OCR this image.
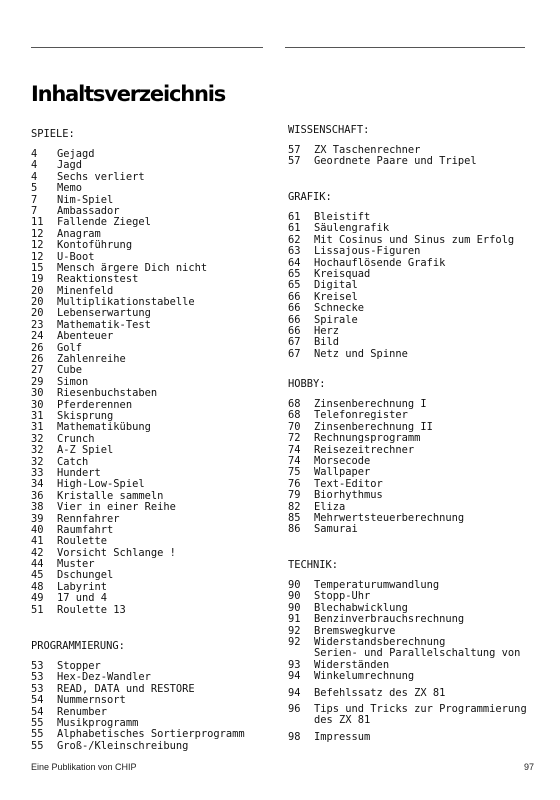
Inhaltsverzeichnis
SPIELE:
4	Gejagd
4	Jagd
4	Sechs verliert
5	Memo
7	Nim-Spiel
7	Ambassador
11	Fallende Ziegel
12	Anagram
12	Kontoführung
12	U-Boot
15	Mensch ärgere Dich nicht
19	Reaktionstest
20	Minenfeld
20	Multiplikationstabelle
20	Lebenserwartung
23	Mathematik-Test
24	Abenteuer
26	Golf
26	Zahlenreihe
27	Cube
29	Simon
30	Riesenbuchstaben
30	Pferderennen
31	Skisprung
31	Mathematikübung
32	Crunch
32	A-Z Spiel
32	Catch
33	Hundert
34	High-Low-Spiel
36	Kristalle sammeln
38	Vier in einer Reihe
39	Rennfahrer
40	Raumfahrt
41	Roulette
42	Vorsicht Schlange !
44	Muster
45	Dschungel
48	Labyrint
49	17 und 4
51	Roulette 13
PROGRAMMIERUNG:
53	Stopper
53	Hex-Dez-Wandler
53	READ, DATA und RESTORE
54	Nummernsort
54	Renumber
55	Musikprogramm
55	Alphabetisches Sortierprogramm
55	Groß-/Kleinschreibung
WISSENSCHAFT:
57	ZX Taschenrechner
57	Geordnete Paare und Tripel
GRAFIK:
61	Bleistift
61	Säulengrafik
62	Mit Cosinus und Sinus zum Erfolg
63	Lissajous-Figuren
64	Hochauflösende Grafik
65	Kreisquad
65	Digital
66	Kreisel
66	Schnecke
66	Spirale
66	Herz
67	Bild
67	Netz und Spinne
HOBBY:
68	Zinsenberechnung I
68	Telefonregister
70	Zinsenberechnung II
72	Rechnungsprogramm
74	Reisezeitrechner
74	Morsecode
75	Wallpaper
76	Text-Editor
79	Biorhythmus
82	Eliza
85	Mehrwertsteuerberechnung
86	Samurai
TECHNIK:
90	Temperaturumwandlung
90	Stopp-Uhr
90	Blechabwicklung
91	Benzinverbrauchsrechnung
92	Bremswegkurve
92	Widerstandsberechnung
Serien- und Parallelschaltung von
93	Widerständen
94	Winkelumrechnung
94	Befehlssatz des ZX 81
96	Tips und Tricks zur Programmierung
des ZX 81
98	Impressum
Eine Publikation von CHIP	97
